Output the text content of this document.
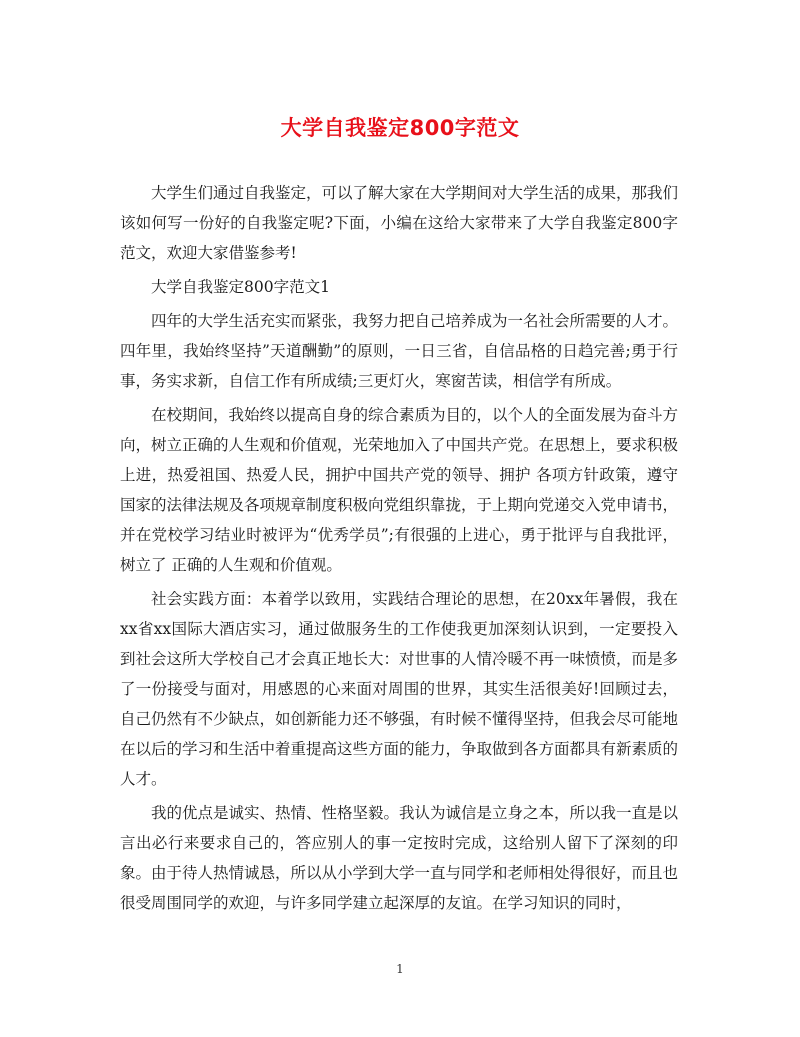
大学自我鉴定800字范文

大学生们通过自我鉴定，可以了解大家在大学期间对大学生活的成果，那我们该如何写一份好的自我鉴定呢?下面，小编在这给大家带来了大学自我鉴定800字范文，欢迎大家借鉴参考!

大学自我鉴定800字范文1

四年的大学生活充实而紧张，我努力把自己培养成为一名社会所需要的人才。四年里，我始终坚持”天道酬勤”的原则，一日三省，自信品格的日趋完善;勇于行事，务实求新，自信工作有所成绩;三更灯火，寒窗苦读，相信学有所成。

在校期间，我始终以提高自身的综合素质为目的，以个人的全面发展为奋斗方向，树立正确的人生观和价值观，光荣地加入了中国共产党。在思想上，要求积极上进，热爱祖国、热爱人民，拥护中国共产党的领导、拥护 各项方针政策，遵守国家的法律法规及各项规章制度积极向党组织靠拢，于上期向党递交入党申请书，并在党校学习结业时被评为“优秀学员”;有很强的上进心，勇于批评与自我批评，树立了 正确的人生观和价值观。

社会实践方面：本着学以致用，实践结合理论的思想，在20xx年暑假，我在xx省xx国际大酒店实习，通过做服务生的工作使我更加深刻认识到，一定要投入到社会这所大学校自己才会真正地长大：对世事的人情冷暖不再一味愤愤，而是多了一份接受与面对，用感恩的心来面对周围的世界，其实生活很美好!回顾过去，自己仍然有不少缺点，如创新能力还不够强，有时候不懂得坚持，但我会尽可能地在以后的学习和生活中着重提高这些方面的能力，争取做到各方面都具有新素质的人才。

我的优点是诚实、热情、性格坚毅。我认为诚信是立身之本，所以我一直是以言出必行来要求自己的，答应别人的事一定按时完成，这给别人留下了深刻的印象。由于待人热情诚恳，所以从小学到大学一直与同学和老师相处得很好，而且也很受周围同学的欢迎，与许多同学建立起深厚的友谊。在学习知识的同时，

1
